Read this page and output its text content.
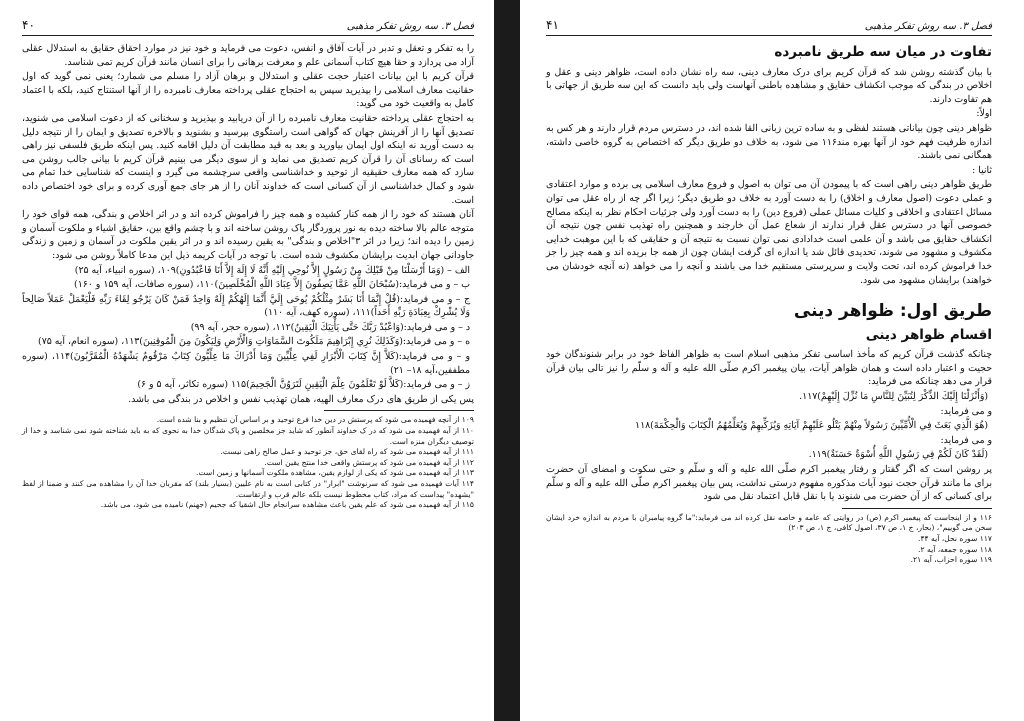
فصل ۳. سه روش تفکر مذهبی
۴۰

را به تفکر و تعقل و تدبر در آیات آفاق و انفس، دعوت می فرماید و خود نیز در موارد احقاق حقایق به استدلال عقلی آزاد می پردازد و حقا هیچ کتاب آسمانی علم و معرفت برهانی را برای انسان مانند قرآن کریم تمی شناسد.

قرآن کریم با این بیانات اعتبار حجت عقلی و استدلال و برهان آزاد را مسلم می شمارد؛ یعنی نمی گوید که اول حقانیت معارف اسلامی را بپذیرید سپس به احتجاج عقلی پرداخته معارف نامبرده را از آنها استنتاج کنید، بلکه با اعتماد کامل به واقعیت خود می گوید:

به احتجاج عقلی پرداخته حقانیت معارف نامبرده را از آن دریابید و بپذیرید و سخنانی که از دعوت اسلامی می شنوید، تصدیق آنها را از آفرینش جهان که گواهی است راستگوی بپرسید و بشنوید و بالاخره تصدیق و ایمان را از نتیجه دلیل به دست آورید نه اینکه اول ایمان بیاورید و بعد به قید مطابقت آن دلیل اقامه کنید. پس اینکه طریق فلسفی نیز راهی است که رسانای آن را قرآن کریم تصدیق می نماید و از سوی دیگر می بینیم قرآن کریم با بیانی جالب روشن می سازد که همه معارف حقیقیه از توحید و خداشناسی واقعی سرچشمه می گیرد و اینست که شناسایی خدا تمام می شود و کمال خداشناسی از آن کسانی است که خداوند آنان را از هر جای جمع آوری کرده و برای خود اختصاص داده است.

آنان هستند که خود را از همه کنار کشیده و همه چیز را فراموش کرده اند و در اثر اخلاص و بندگی، همه قوای خود را متوجه عالم بالا ساخته دیده به نور پروردگار پاک روشن ساخته اند و با چشم واقع بین، حقایق اشیاء و ملکوت آسمان و زمین را دیده اند؛ زیرا در اثر ۳"اخلاص و بندگی" به یقین رسیده اند و در اثر یقین ملکوت در آسمان و زمین و زندگی جاودانی جهان ابدیت برایشان مکشوف شده است. با توجه در آیات کریمه ذیل این مدعا کاملاً روشن می شود:

الف – (وَمَا أَرْسَلْنَا مِنْ قَبْلِكَ مِنْ رَسُولٍ إِلاَّ نُوحِي إِلَيْهِ أَنَّهُ لَا إِلَهَ إِلاَّ أَنَا فَاعْبُدُونِ)۱۰۹، (سوره انبیاء، آیه ۲۵)

ب – و می فرماید:(سُبْحَانَ اللَّهِ عَمَّا يَصِفُونَ إِلاَّ عِبَادَ اللَّهِ الْمُخْلَصِينَ)۱۱۰، (سوره صافات، آیه ۱۵۹ و ۱۶۰)

ج – و می فرماید:(قُلْ إِنَّمَا أَنَا بَشَرٌ مِثْلُكُمْ يُوحَى إِلَيَّ أَنَّمَا إِلَهُكُمْ إِلَهٌ وَاحِدٌ فَمَنْ كَانَ يَرْجُو لِقَاءَ رَبِّهِ فَلْيَعْمَلْ عَمَلاً صَالِحاً وَلَا يُشْرِكْ بِعِبَادَةِ رَبِّهِ أَحَداً)۱۱۱، (سوره کهف، آیه ۱۱۰)

د – و می فرماید:(وَاعْبُدْ رَبَّكَ حَتَّى يَأْتِيَكَ الْيَقِينُ)۱۱۲، (سوره حجر، آیه ۹۹)

ه – و می فرماید:(وَكَذَلِكَ نُرِي إِبْرَاهِيمَ مَلَكُوتَ السَّمَاوَاتِ وَالْأَرْضِ وَلِيَكُونَ مِنَ الْمُوقِنِينَ)۱۱۳، (سوره انعام، آیه ۷۵)

و – و می فرماید:(كَلاَّ إِنَّ كِتَابَ الْأَبْرَارِ لَفِي عِلِّيِّينَ وَمَا أَدْرَاكَ مَا عِلِّيُّونَ كِتَابٌ مَرْقُومٌ يَشْهَدُهُ الْمُقَرَّبُونَ)۱۱۴، (سوره مطففین،آیه ۱۸– ۲۱)

ز – و می فرماید:(كَلاَّ لَوْ تَعْلَمُونَ عِلْمَ الْيَقِينِ لَتَرَوُنَّ الْجَحِيمَ)۱۱۵ (سوره تکاثر، آیه ۵ و ۶)

پس یکی از طریق های درک معارف الهیه، همان تهذیب نفس و اخلاص در بندگی می باشد.

۱۰۹ از آنچه فهمیده می شود که پرستش در دین خدا فرع توحید و بر اساس آن تنظیم و بنا شده است.

۱۱۰ از آیه فهمیده می شود که در ک خداوند آنطور که شاید جز مخلصین و پاک شدگان خدا به نحوی که به باید شناخته شود نمی شناسد و خدا از توصیف دیگران منزه است.

۱۱۱ از آیه فهمیده می شود که راه لقای حق، جز توحید و عمل صالح راهی نیست.

۱۱۲ از آیه فهمیده می شود که پرستش واقعی خدا منتج یقین است.

۱۱۳ از آیه فهمیده می شود که یکی از لوازم یقین، مشاهده ملکوت آسمانها و زمین است.

۱۱۴ آیات فهمیده می شود که سرنوشت "ابرار" در کتابی است به نام علیین (بسیار بلند) که مقربان خدا آن را مشاهده می کنند و ضمنا از لفظ "یشهده" پیداست که مراد، کتاب مخطوط نیست بلکه عالم قرب و ارتقاست.

۱۱۵ از آیه فهمیده می شود که علم یقین باعث مشاهده سرانجام حال اشقیا که جحیم (جهنم) نامیده می شود، می باشد.

فصل ۳. سه روش تفکر مذهبی
۴۱
تفاوت در میان سه طریق نامبرده

با بیان گذشته روشن شد که قرآن کریم برای درک معارف دینی، سه راه نشان داده است، ظواهر دینی و عقل و اخلاص در بندگی که موجب انکشاف حقایق و مشاهده باطنی آنهاست ولی باید دانست که این سه طریق از جهاتی با هم تفاوت دارند.

اولاً:

ظواهر دینی چون بیاناتی هستند لفظی و به ساده ترین زبانی القا شده اند، در دسترس مردم قرار دارند و هر کس به اندازه ظرفیت فهم خود از آنها بهره مند۱۱۶ می شود، به خلاف دو طریق دیگر که اختصاص به گروه خاصی داشته، همگانی نمی باشند.

ثانیا :

طریق ظواهر دینی راهی است که با پیمودن آن می توان به اصول و فروع معارف اسلامی پی برده و موارد اعتقادی و عملی دعوت (اصول معارف و اخلاق) را به دست آورد به خلاف دو طریق دیگر؛ زیرا اگر چه از راه عقل می توان مسائل اعتقادی و اخلاقی و کلیات مسائل عملی (فروع دین) را به دست آورد ولی جزئیات احکام نظر به اینکه مصالح خصوصی آنها در دسترس عقل قرار ندارند از شعاع عمل آن خارجند و همچنین راه تهذیب نفس چون نتیجه آن انکشاف حقایق می باشد و آن علمی است خدادادی نمی توان نسبت به نتیجه آن و حقایقی که با این موهبت خدایی مکشوف و مشهود می شوند، تحدیدی قائل شد یا اندازه ای گرفت ایشان چون از همه جا بریده اند و همه چیز را جز خدا فراموش کرده اند، تحت ولایت و سرپرستی مستقیم خدا می باشند و آنچه را می خواهد (نه آنچه خودشان می خواهند) برایشان مشهود می شود.

طریق اول: ظواهر دینی
اقسام ظواهر دینی

چنانکه گذشت قرآن کریم که مأخذ اساسی تفکر مذهبی اسلام است به ظواهر الفاظ خود در برابر شنوندگان خود حجیت و اعتبار داده است و همان ظواهر آیات، بیان پیغمبر اکرم صلّی الله علیه و آله و سلّم را نیز تالی بیان قرآن قرار می دهد چنانکه می فرماید:

(وَأَنْزَلْنَا إِلَيْكَ الذِّكْرَ لِتُبَيِّنَ لِلنَّاسِ مَا نُزِّلَ إِلَيْهِمْ)۱۱۷.

و می فرماید:

(هُوَ الَّذِي بَعَثَ فِي الْأُمِّيِّينَ رَسُولاً مِنْهُمْ يَتْلُو عَلَيْهِمْ آيَاتِهِ وَيُزَكِّيهِمْ وَيُعَلِّمُهُمُ الْكِتَابَ وَالْحِكْمَةَ)۱۱۸

و می فرماید:

(لَقَدْ كَانَ لَكُمْ فِي رَسُولِ اللَّهِ أُسْوَةٌ حَسَنَةٌ)۱۱۹.

پر روشن است که اگر گفتار و رفتار پیغمبر اکرم صلّی الله علیه و آله و سلّم و حتی سکوت و امضای آن حضرت برای ما مانند قرآن حجت نبود آیات مذکوره مفهوم درستی نداشت، پس بیان پیغمبر اکرم صلّی الله علیه و آله و سلّم برای کسانی که از آن حضرت می شنوند یا با نقل قابل اعتماد نقل می شود

۱۱۶ و از اینجاست که پیغمبر اکرم (ص) در روایتی که عامه و خاصه نقل کرده اند می فرماید:"ما گروه پیامبران با مردم به اندازه خرد ایشان سخن می گوییم"، (بحار، ج ۱، ص ۳۷، اصول کافی، ج ۱، ص ۲۰۳)

۱۱۷ سوره نحل، آیه ۴۴.

۱۱۸ سوره جمعه، آیه ۲.

۱۱۹ سوره احزاب، آیه ۲۱.
